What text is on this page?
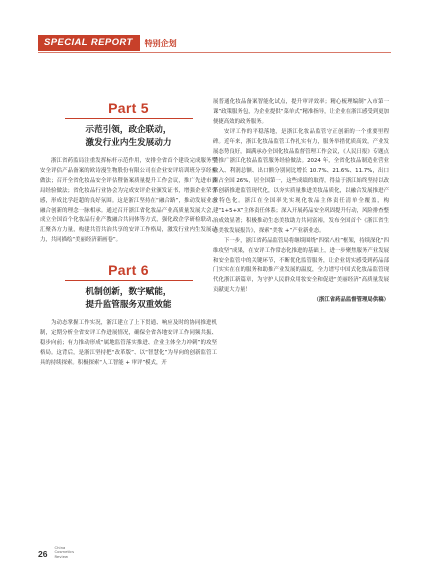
SPECIAL REPORT	特别企划
Part 5
示范引领，政企联动，
激发行业内生发展动力

浙江省药监局注重发挥标杆示范作用，安排全省首个建设完成服务型安全评估产品备案的欧诗漫生物股份有限公司在企业安评培训班分享经验做法；召开全省化妆品安全评估暨备案质量提升工作会议，推广先进市县局经验做法；省化妆品行业协会为完成安评企业颁发证书，增强企业荣誉感，形成比学赶超的良好氛围。这是浙江坚持在“融合路”，推动发展业态融合创新的理念一脉相承。通过召开浙江省化妆品产业高质量发展大会，成立全国首个化妆品行业产教融合共同体等方式，强化政企学研检联动，汇聚各方力量，构建共管共治共享的安评工作格局，激发行业内生发展动力，共同描绘“美丽经济新画卷”。

Part 6
机制创新，数字赋能，
提升监管服务双重效能

为动态掌握工作实况，浙江建立了上下贯通、响应及时的协同推进机制，定期分析全省安评工作进展情况，确保全省各地安评工作同频共振、稳步向前；有力推动形成“属地监管落实推进、企业主体全力冲刺”的攻坚格局。这背后，是浙江坚持把“改革版”、以“智慧化”为导向的创新监管工具的持续探索。积极探索“人工智能 + 审评”模式，开

展普通化妆品备案智能化试点，提升审评效率；精心梳理编制“入市第一课”政策服务包，为企业提供“菜单式”精准指导，让企业在浙江感受到更加便捷高效的政务服务。

安评工作的平稳落地，是浙江化妆品监管守正创新的一个重要里程碑。近年来，浙江化妆品监管工作扎实有力，服务举措优质高效，产业发展态势良好，圆满承办全国化妆品监督管理工作会议，《人民日报》专题点赞推广浙江化妆品监管服务经验做法。2024 年，全省化妆品制造业营业收入、利润总额、出口额分别同比增长 10.7%、21.6%、11.7%，出口额占全国 26%，居全国第一，这些成绩的取得，得益于浙江始终坚持以改革创新推进监管现代化，以夯实质量推进美妆品质化，以融合发展推进产业特色化。浙江在全国率先实现化妆品主体责任清单全覆盖，构建“1+5+X”主体责任体系；深入开展药品安全巩固提升行动，风险排查整治成效显著；积极推动生态美妆助力共同富裕，发布全国首个《浙江省生态美妆发展报告》，探索“美妆 +”产业新业态。

下一步，浙江省药品监管局将继续围绕“四梁八柱”框架，持续深化“四维攻坚”成果，在安评工作常态化推进的基础上，进一步聚焦服务产业发展和安全监管中的关键环节，不断优化监管服务，让企业切实感受到药品部门实实在在的服务和助推产业发展的温度，全力谱写中国式化妆品监管现代化浙江新篇章，为守护人民群众用妆安全和促进“美丽经济”高质量发展贡献更大力量！

（浙江省药品监督管理局供稿）
26
China
Cosmetics
Review
